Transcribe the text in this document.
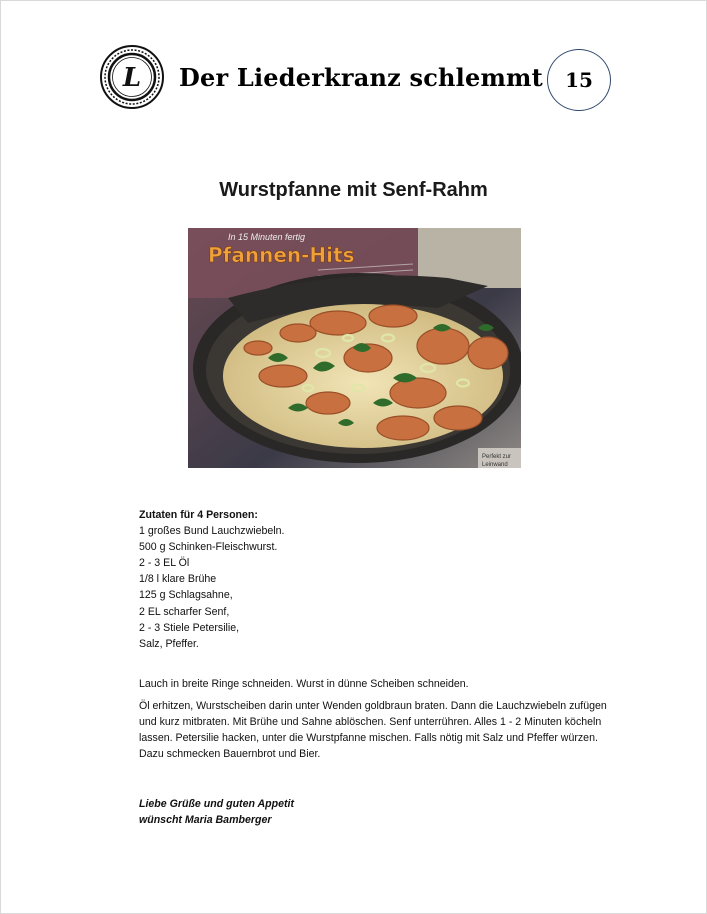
L Der Liederkranz schlemmt	15
Wurstpfanne mit Senf-Rahm
In 15 Minuten fertig
Pfannen-Hits
Perfekt zur
Leinwand
Zutaten für 4 Personen:
1 großes Bund Lauchzwiebeln.
500 g Schinken-Fleischwurst.
2 - 3 EL Öl
1/8 l klare Brühe
125 g Schlagsahne,
2 EL scharfer Senf,
2 - 3 Stiele Petersilie,
Salz, Pfeffer.

Lauch in breite Ringe schneiden. Wurst in dünne Scheiben schneiden.

Öl erhitzen, Wurstscheiben darin unter Wenden goldbraun braten. Dann die Lauchzwiebeln zufügen und kurz mitbraten. Mit Brühe und Sahne ablöschen. Senf unterrühren. Alles 1 - 2 Minuten köcheln lassen. Petersilie hacken, unter die Wurstpfanne mischen. Falls nötig mit Salz und Pfeffer würzen. Dazu schmecken Bauernbrot und Bier.

Liebe Grüße und guten Appetit
wünscht Maria Bamberger
